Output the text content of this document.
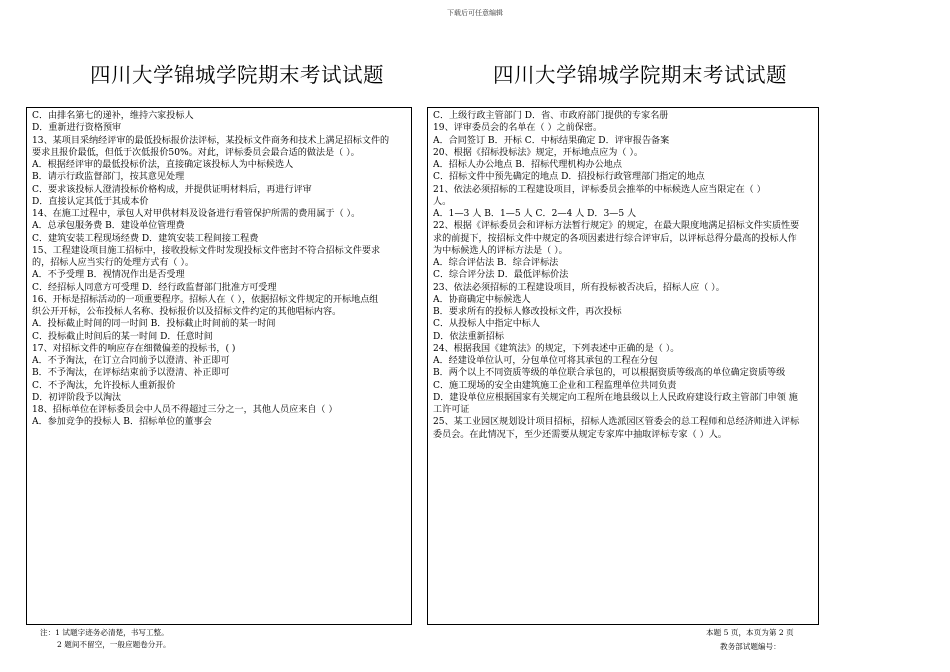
下载后可任意编辑
四川大学锦城学院期末考试试题	四川大学锦城学院期末考试试题
C．由排名第七的递补，维持六家投标人
D．重新进行资格预审
13、某项目采纳经评审的最低投标报价法评标，某投标文件商务和技术上满足招标文件的
要求且报价最低，但低于次低报价50%。对此，评标委员会最合适的做法是（ ）。
A．根据经评审的最低投标价法，直接确定该投标人为中标候选人
B．请示行政监督部门，按其意见处理
C．要求该投标人澄清投标价格构成，并提供证明材料后，再进行评审
D．直接认定其低于其成本价
14、在施工过程中，承包人对甲供材料及设备进行看管保护所需的费用属于（ ）。
A．总承包服务费 B．建设单位管理费
C．建筑安装工程现场经费 D．建筑安装工程间接工程费
15、工程建设项目施工招标中，接收投标文件时发现投标文件密封不符合招标文件要求
的，招标人应当实行的处理方式有（ ）。
A．不予受理 B．视情况作出是否受理
C．经招标人同意方可受理 D．经行政监督部门批准方可受理
16、开标是招标活动的一项重要程序。招标人在（ ），依据招标文件规定的开标地点组
织公开开标，公布投标人名称、投标报价以及招标文件约定的其他唱标内容。
A．投标截止时间的同一时间 B．投标截止时间前的某一时间
C．投标截止时间后的某一时间 D．任意时间
17、对招标文件的响应存在细微偏差的投标书，( )
A．不予淘汰，在订立合同前予以澄清、补正即可
B．不予淘汰，在评标结束前予以澄清、补正即可
C．不予淘汰，允许投标人重新报价
D．初评阶段予以淘汰
18、招标单位在评标委员会中人员不得超过三分之一，其他人员应来自（ ）
A．参加竞争的投标人 B．招标单位的董事会
C．上级行政主管部门 D．省、市政府部门提供的专家名册
19、评审委员会的名单在（ ）之前保密。
A．合同签订 B．开标 C．中标结果确定 D．评审报告备案
20、根据《招标投标法》规定，开标地点应为（ ）。
A．招标人办公地点 B．招标代理机构办公地点
C．招标文件中预先确定的地点 D．招投标行政管理部门指定的地点
21、依法必须招标的工程建设项目，评标委员会推举的中标候选人应当限定在（ ）
人。
A．1—3 人 B．1—5 人 C．2—4 人 D．3—5 人
22、根据《评标委员会和评标方法暂行规定》的规定，在最大限度地满足招标文件实质性要
求的前提下，按招标文件中规定的各项因素进行综合评审后，以评标总得分最高的投标人作
为中标候选人的评标方法是（ ）。
A．综合评估法 B．综合评标法
C．综合评分法 D．最低评标价法
23、依法必须招标的工程建设项目，所有投标被否决后，招标人应（ ）。
A．协商确定中标候选人
B．要求所有的投标人修改投标文件，再次投标
C．从投标人中指定中标人
D．依法重新招标
24、根据我国《建筑法》的规定，下列表述中正确的是（ ）。
A．经建设单位认可，分包单位可将其承包的工程在分包
B．两个以上不同资质等级的单位联合承包的，可以根据资质等级高的单位确定资质等级
C．施工现场的安全由建筑施工企业和工程监理单位共同负责
D．建设单位应根据国家有关规定向工程所在地县级以上人民政府建设行政主管部门申领 施
工许可证
25、某工业园区规划设计项目招标，招标人选派园区管委会的总工程师和总经济师进入评标
委员会。在此情况下，至少还需要从规定专家库中抽取评标专家（ ）人。
注：1 试题字迹务必清楚，书写工整。
2 题间不留空，一般应题卷分开。
本题 5 页，本页为第 2 页
教务部试题编号：
